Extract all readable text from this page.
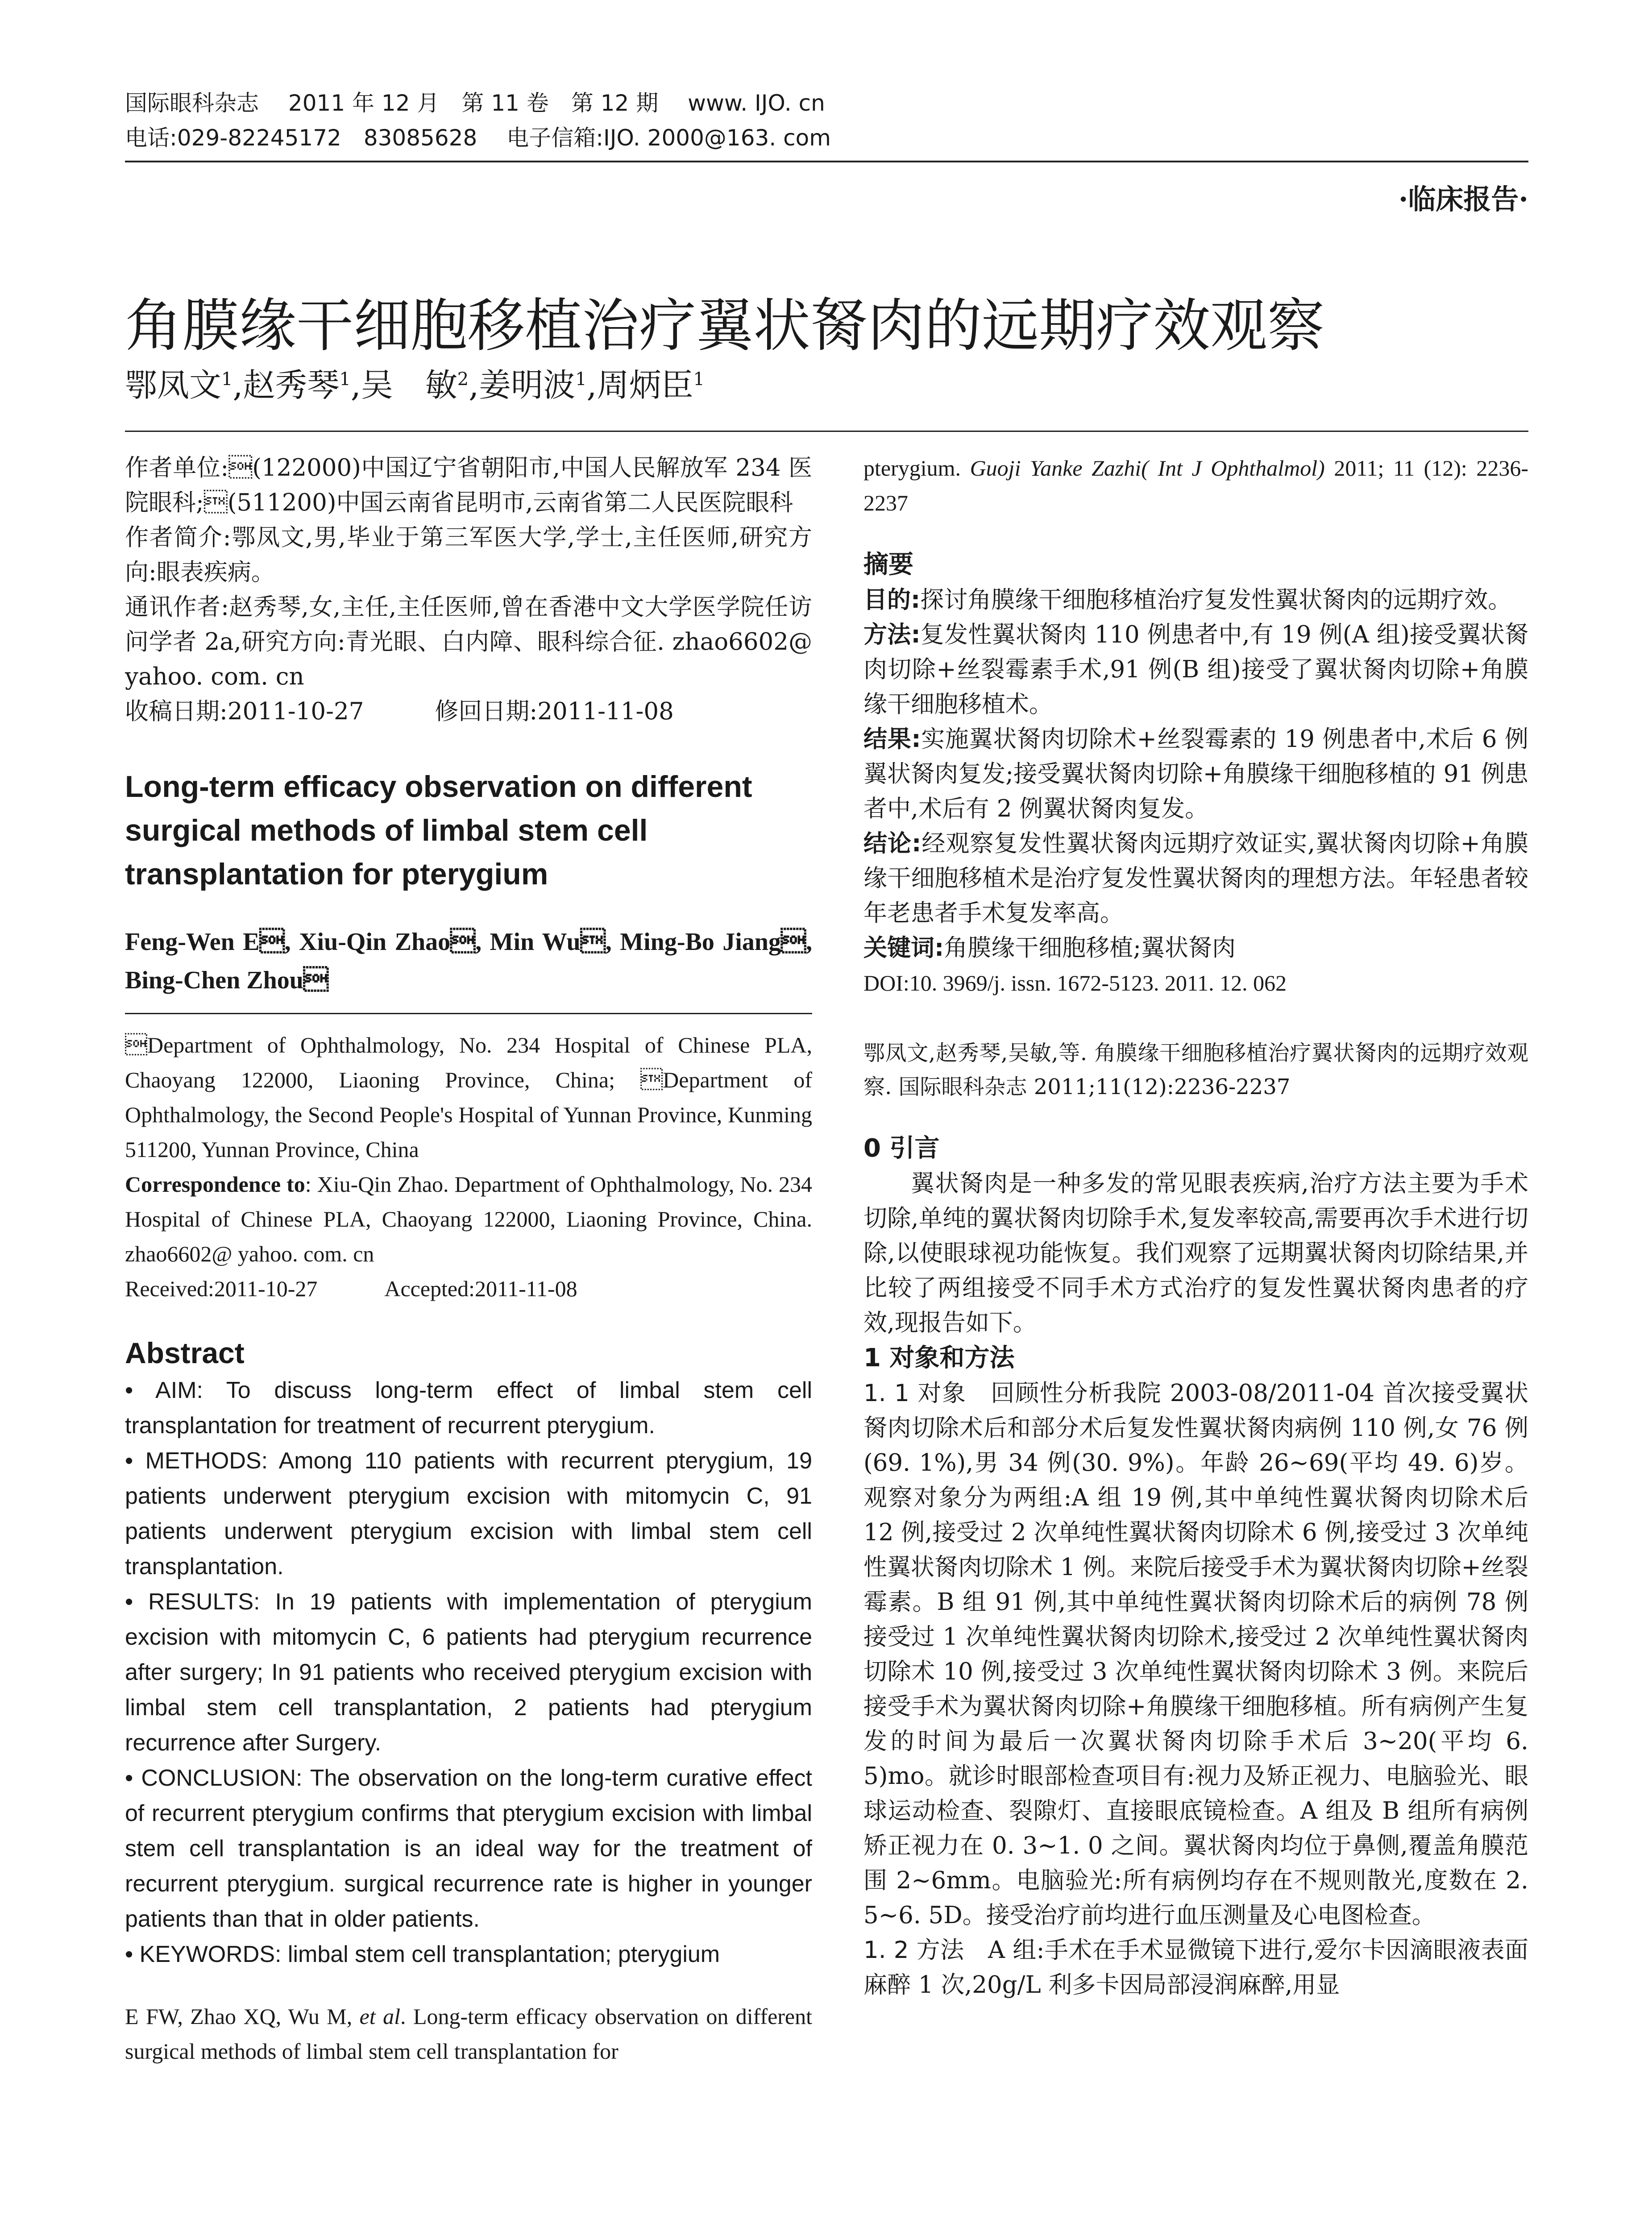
国际眼科杂志　 2011 年 12 月　第 11 卷　第 12 期　 www. IJO. cn
电话:029-82245172　83085628　 电子信箱:IJO. 2000@163. com
·临床报告·
角膜缘干细胞移植治疗翼状胬肉的远期疗效观察
鄂凤文$^1$,赵秀琴$^1$,吴　敏$^2$,姜明波$^1$,周炳臣$^1$

作者单位:(122000)中国辽宁省朝阳市,中国人民解放军 234 医院眼科;(511200)中国云南省昆明市,云南省第二人民医院眼科

作者简介:鄂凤文,男,毕业于第三军医大学,学士,主任医师,研究方向:眼表疾病。

通讯作者:赵秀琴,女,主任,主任医师,曾在香港中文大学医学院任访问学者 2a,研究方向:青光眼、白内障、眼科综合征. zhao6602@ yahoo. com. cn

收稿日期:2011-10-27　　　修回日期:2011-11-08

Long-term efficacy observation on different surgical methods of limbal stem cell transplantation for pterygium

Feng-Wen E, Xiu-Qin Zhao, Min Wu, Ming-Bo Jiang, Bing-Chen Zhou

Department of Ophthalmology, No. 234 Hospital of Chinese PLA, Chaoyang 122000, Liaoning Province, China; Department of Ophthalmology, the Second People's Hospital of Yunnan Province, Kunming 511200, Yunnan Province, China

Correspondence to: Xiu-Qin Zhao. Department of Ophthalmology, No. 234 Hospital of Chinese PLA, Chaoyang 122000, Liaoning Province, China. zhao6602@ yahoo. com. cn

Received:2011-10-27　　　Accepted:2011-11-08

Abstract

• AIM: To discuss long-term effect of limbal stem cell transplantation for treatment of recurrent pterygium.

• METHODS: Among 110 patients with recurrent pterygium, 19 patients underwent pterygium excision with mitomycin C, 91 patients underwent pterygium excision with limbal stem cell transplantation.

• RESULTS: In 19 patients with implementation of pterygium excision with mitomycin C, 6 patients had pterygium recurrence after surgery; In 91 patients who received pterygium excision with limbal stem cell transplantation, 2 patients had pterygium recurrence after Surgery.

• CONCLUSION: The observation on the long-term curative effect of recurrent pterygium confirms that pterygium excision with limbal stem cell transplantation is an ideal way for the treatment of recurrent pterygium. surgical recurrence rate is higher in younger patients than that in older patients.

• KEYWORDS: limbal stem cell transplantation; pterygium

E FW, Zhao XQ, Wu M, et al. Long-term efficacy observation on different surgical methods of limbal stem cell transplantation for

pterygium. Guoji Yanke Zazhi( Int J Ophthalmol) 2011; 11 (12): 2236-2237

摘要

目的:探讨角膜缘干细胞移植治疗复发性翼状胬肉的远期疗效。

方法:复发性翼状胬肉 110 例患者中,有 19 例(A 组)接受翼状胬肉切除+丝裂霉素手术,91 例(B 组)接受了翼状胬肉切除+角膜缘干细胞移植术。

结果:实施翼状胬肉切除术+丝裂霉素的 19 例患者中,术后 6 例翼状胬肉复发;接受翼状胬肉切除+角膜缘干细胞移植的 91 例患者中,术后有 2 例翼状胬肉复发。

结论:经观察复发性翼状胬肉远期疗效证实,翼状胬肉切除+角膜缘干细胞移植术是治疗复发性翼状胬肉的理想方法。年轻患者较年老患者手术复发率高。

关键词:角膜缘干细胞移植;翼状胬肉

DOI:10. 3969/j. issn. 1672-5123. 2011. 12. 062

鄂凤文,赵秀琴,吴敏,等. 角膜缘干细胞移植治疗翼状胬肉的远期疗效观察. 国际眼科杂志 2011;11(12):2236-2237

0 引言

翼状胬肉是一种多发的常见眼表疾病,治疗方法主要为手术切除,单纯的翼状胬肉切除手术,复发率较高,需要再次手术进行切除,以使眼球视功能恢复。我们观察了远期翼状胬肉切除结果,并比较了两组接受不同手术方式治疗的复发性翼状胬肉患者的疗效,现报告如下。

1 对象和方法

1. 1 对象　 回顾性分析我院 2003-08/2011-04 首次接受翼状胬肉切除术后和部分术后复发性翼状胬肉病例 110 例,女 76 例(69. 1%),男 34 例(30. 9%)。年龄 26~69(平均 49. 6)岁。观察对象分为两组:A 组 19 例,其中单纯性翼状胬肉切除术后 12 例,接受过 2 次单纯性翼状胬肉切除术 6 例,接受过 3 次单纯性翼状胬肉切除术 1 例。来院后接受手术为翼状胬肉切除+丝裂霉素。B 组 91 例,其中单纯性翼状胬肉切除术后的病例 78 例接受过 1 次单纯性翼状胬肉切除术,接受过 2 次单纯性翼状胬肉切除术 10 例,接受过 3 次单纯性翼状胬肉切除术 3 例。来院后接受手术为翼状胬肉切除+角膜缘干细胞移植。所有病例产生复发的时间为最后一次翼状胬肉切除手术后 3~20(平均 6. 5)mo。就诊时眼部检查项目有:视力及矫正视力、电脑验光、眼球运动检查、裂隙灯、直接眼底镜检查。A 组及 B 组所有病例矫正视力在 0. 3~1. 0 之间。翼状胬肉均位于鼻侧,覆盖角膜范围 2~6mm。电脑验光:所有病例均存在不规则散光,度数在 2. 5~6. 5D。接受治疗前均进行血压测量及心电图检查。

1. 2 方法　 A 组:手术在手术显微镜下进行,爱尔卡因滴眼液表面麻醉 1 次,20g/L 利多卡因局部浸润麻醉,用显
